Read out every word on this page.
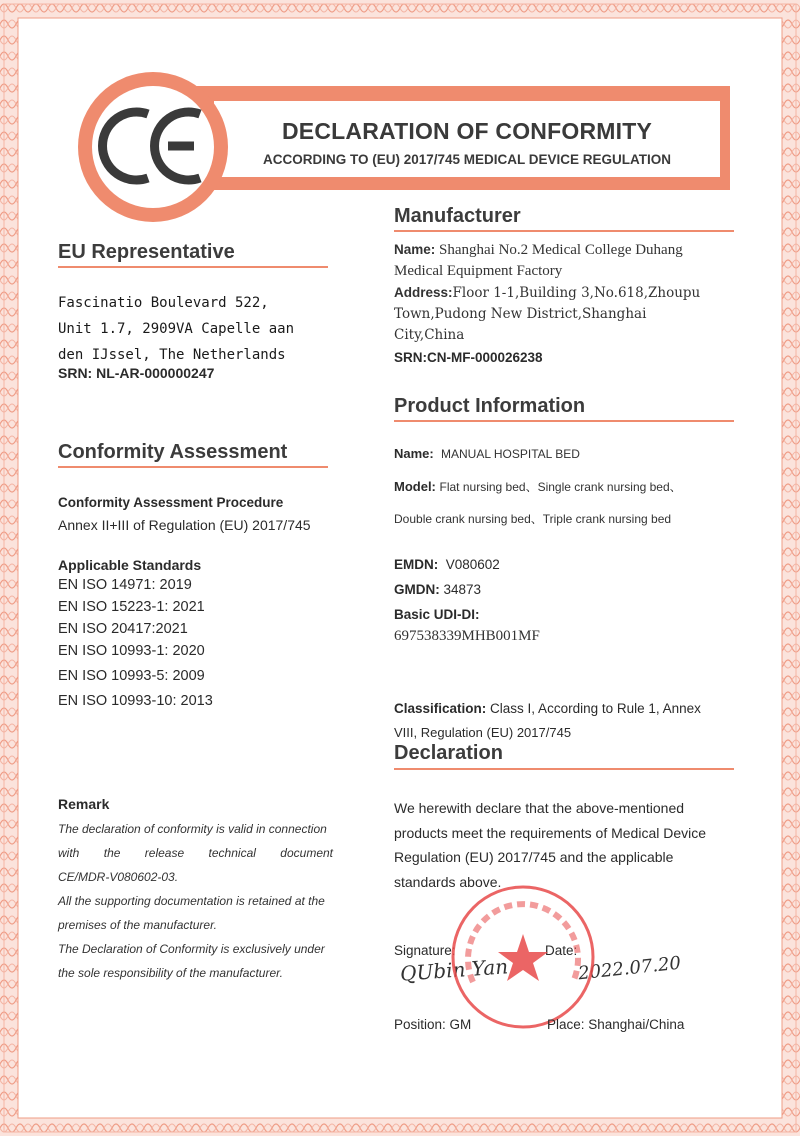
DECLARATION OF CONFORMITY
ACCORDING TO (EU) 2017/745 MEDICAL DEVICE REGULATION
EU Representative
Fascinatio Boulevard 522,
Unit 1.7, 2909VA Capelle aan
den IJssel, The Netherlands
SRN: NL-AR-000000247
Conformity Assessment
Conformity Assessment Procedure
Annex II+III of Regulation (EU) 2017/745
Applicable Standards
EN ISO 14971: 2019
EN ISO 15223-1: 2021
EN ISO 20417:2021
EN ISO 10993-1: 2020
EN ISO 10993-5: 2009
EN ISO 10993-10: 2013
Remark
The declaration of conformity is valid in connection
with the release technical document
CE/MDR-V080602-03.
All the supporting documentation is retained at the
premises of the manufacturer.
The Declaration of Conformity is exclusively under
the sole responsibility of the manufacturer.
Manufacturer
Name: Shanghai No.2 Medical College Duhang
Medical Equipment Factory
Address:Floor 1-1,Building 3,No.618,Zhoupu
Town,Pudong New District,Shanghai
City,China
SRN:CN-MF-000026238
Product Information
Name: MANUAL HOSPITAL BED
Model: Flat nursing bed、Single crank nursing bed、
Double crank nursing bed、Triple crank nursing bed
EMDN: V080602
GMDN: 34873
Basic UDI-DI:
697538339MHB001MF
Classification: Class I, According to Rule 1, Annex
VIII, Regulation (EU) 2017/745
Declaration
We herewith declare that the above-mentioned
products meet the requirements of Medical Device
Regulation (EU) 2017/745 and the applicable
standards above.
Signature:	Date:
QUbin Yan	2022.07.20
Position: GM	Place: Shanghai/China
